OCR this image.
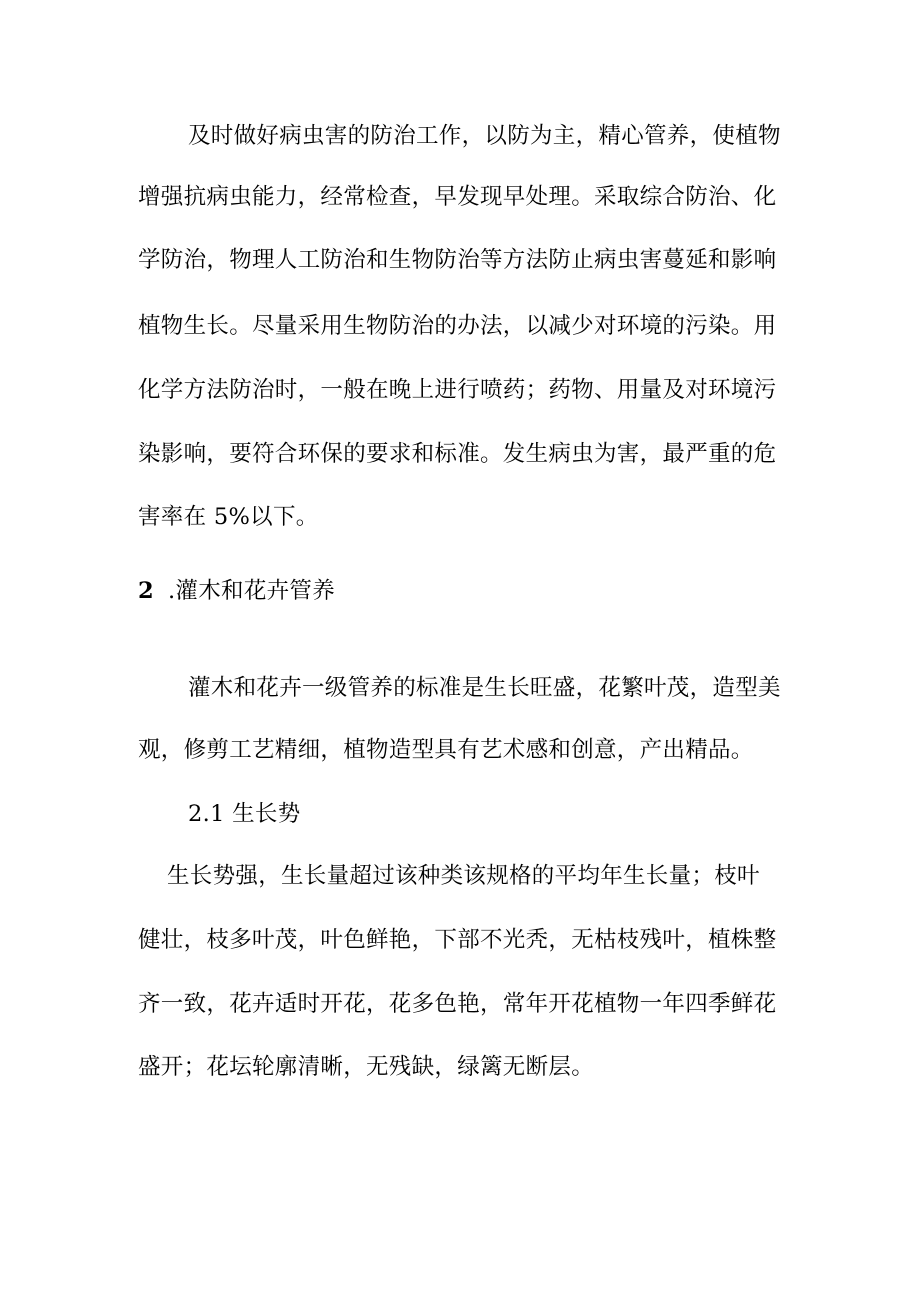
及时做好病虫害的防治工作，以防为主，精心管养，使植物

增强抗病虫能力，经常检查，早发现早处理。采取综合防治、化

学防治，物理人工防治和生物防治等方法防止病虫害蔓延和影响

植物生长。尽量采用生物防治的办法，以减少对环境的污染。用

化学方法防治时，一般在晚上进行喷药；药物、用量及对环境污

染影响，要符合环保的要求和标准。发生病虫为害，最严重的危

害率在 5%以下。

2 .灌木和花卉管养

灌木和花卉一级管养的标准是生长旺盛，花繁叶茂，造型美

观，修剪工艺精细，植物造型具有艺术感和创意，产出精品。

2.1 生长势

生长势强，生长量超过该种类该规格的平均年生长量；枝叶

健壮，枝多叶茂，叶色鲜艳，下部不光秃，无枯枝残叶，植株整

齐一致，花卉适时开花，花多色艳，常年开花植物一年四季鲜花

盛开；花坛轮廓清晰，无残缺，绿篱无断层。
